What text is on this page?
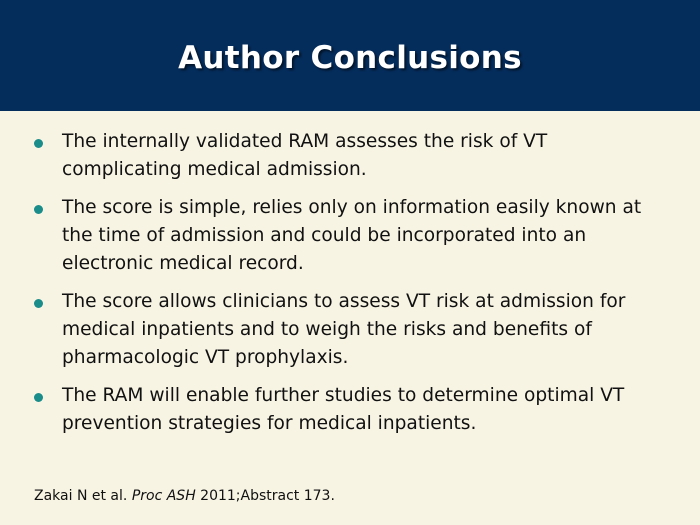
Author Conclusions
The internally validated RAM assesses the risk of VT complicating medical admission.
The score is simple, relies only on information easily known at the time of admission and could be incorporated into an electronic medical record.
The score allows clinicians to assess VT risk at admission for medical inpatients and to weigh the risks and benefits of pharmacologic VT prophylaxis.
The RAM will enable further studies to determine optimal VT prevention strategies for medical inpatients.
Zakai N et al. Proc ASH 2011;Abstract 173.
